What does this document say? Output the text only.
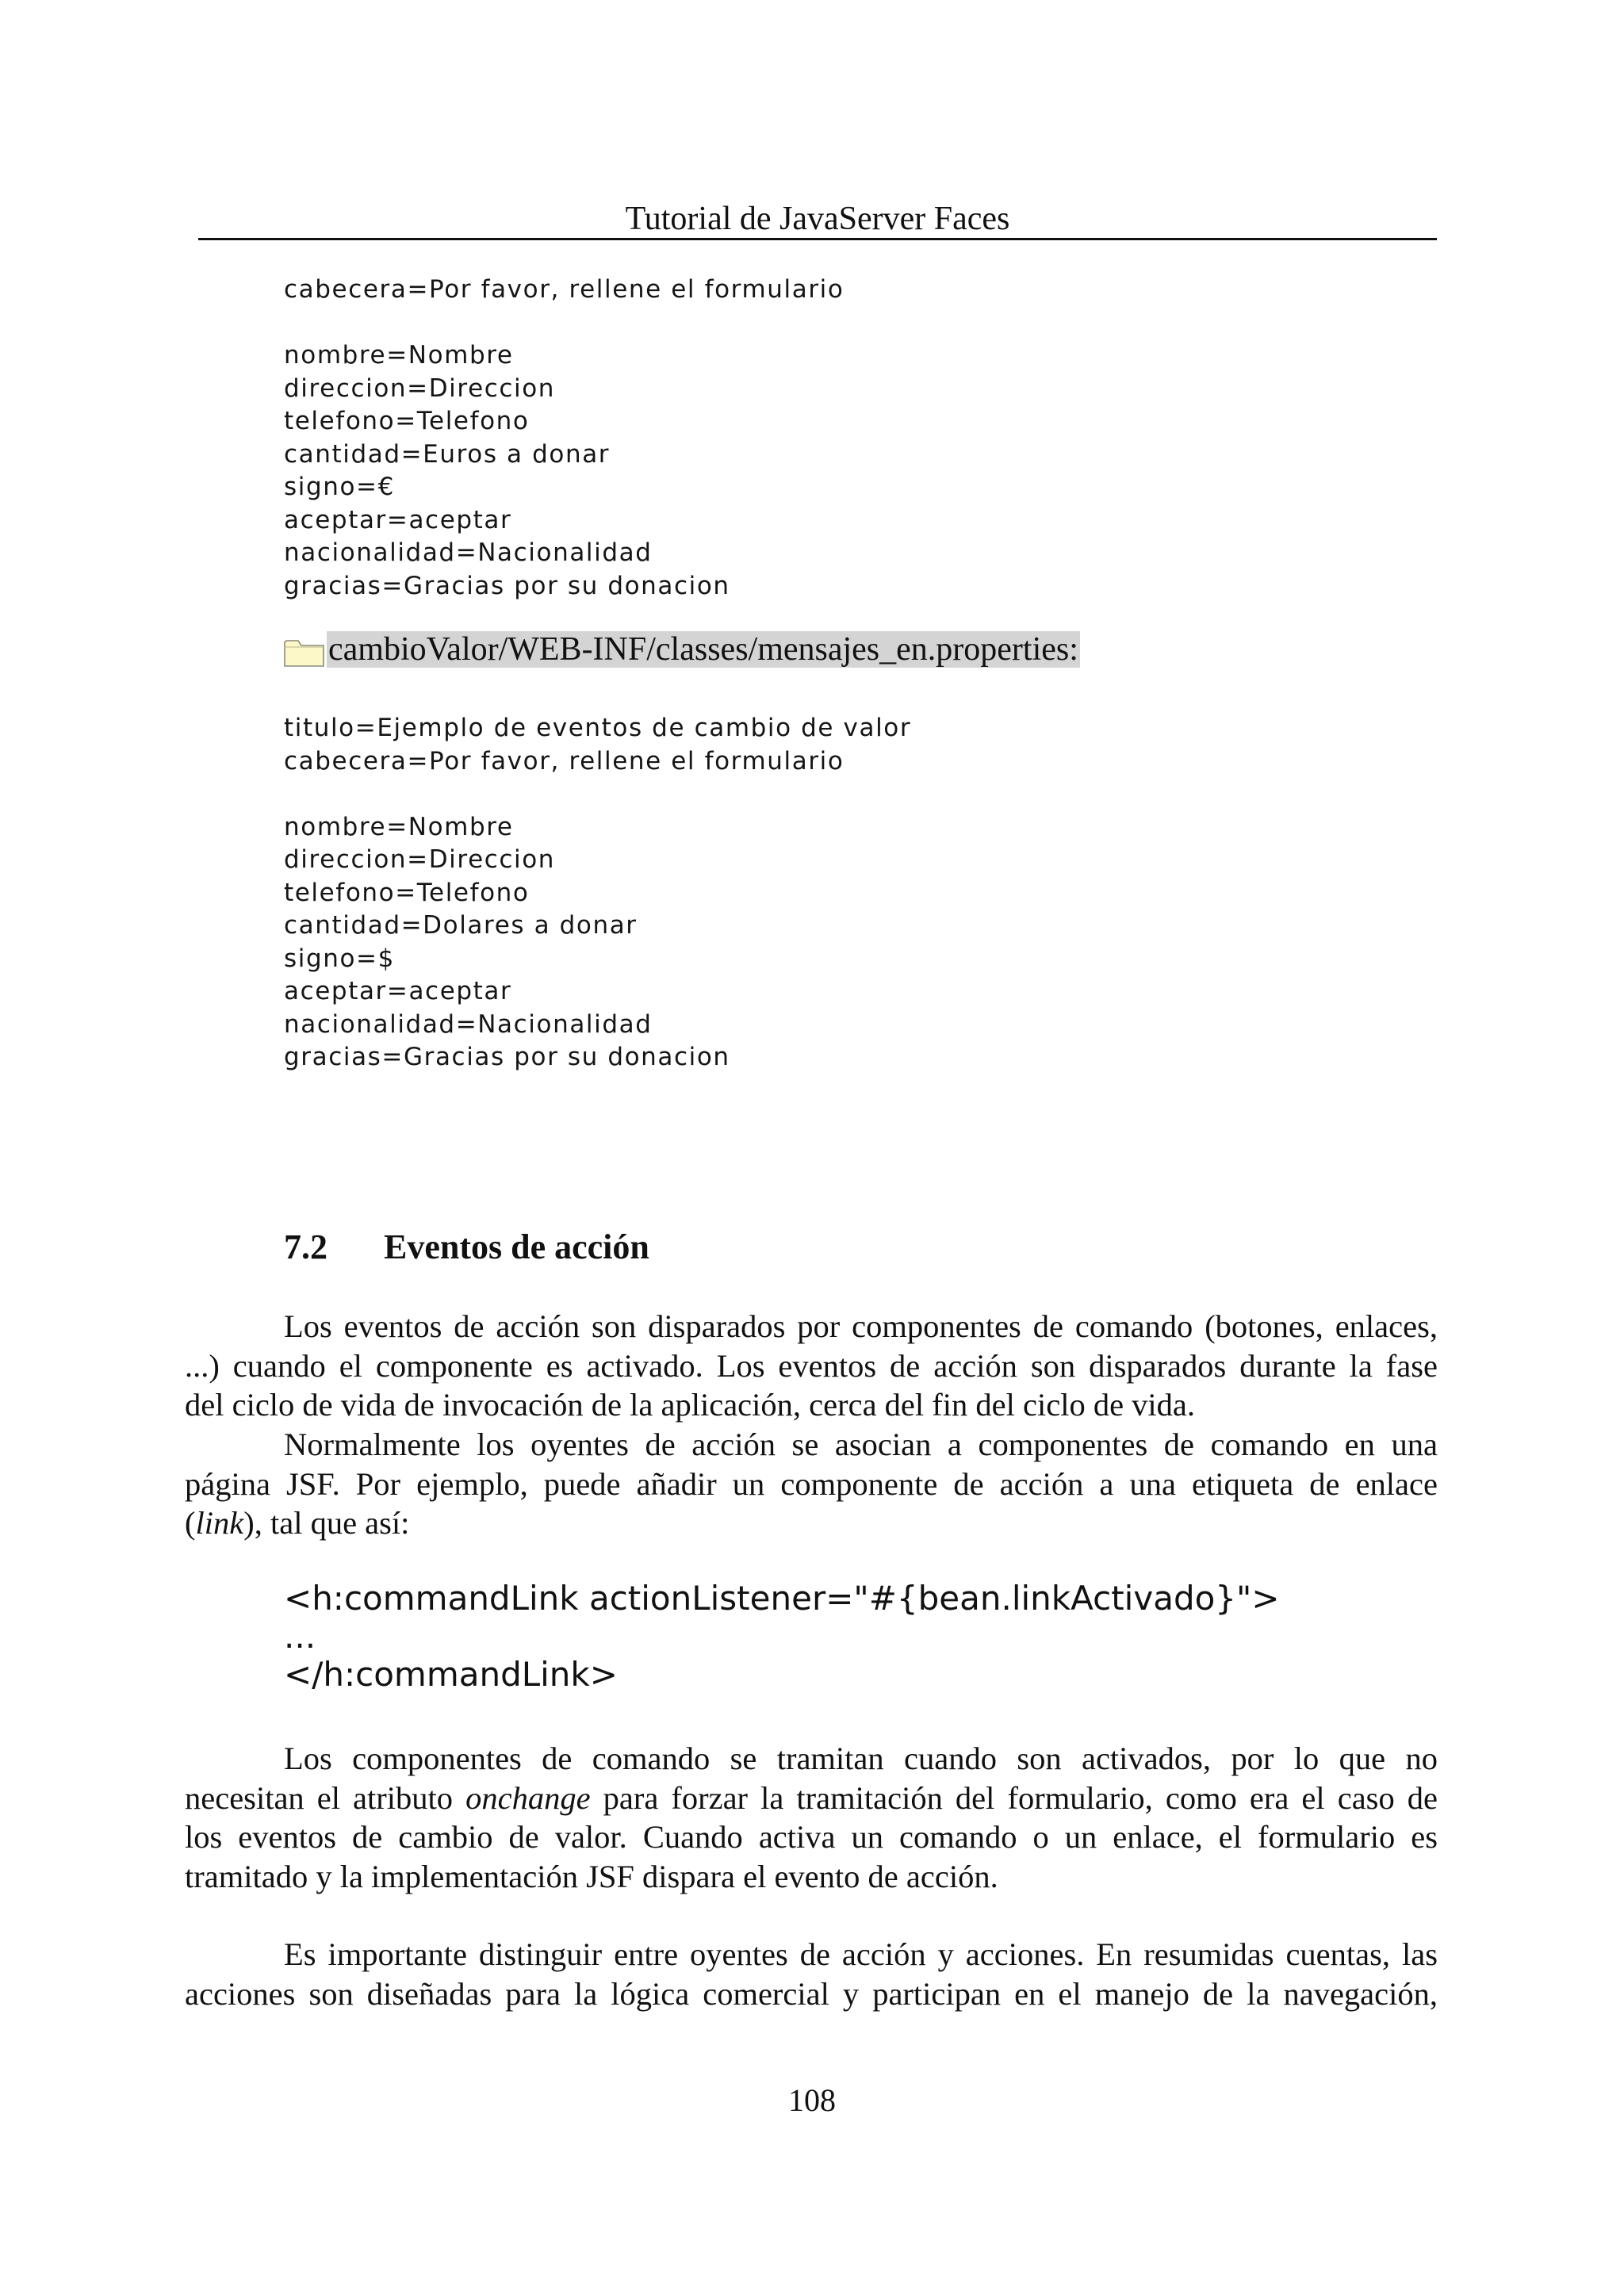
Tutorial de JavaServer Faces
cabecera=Por favor, rellene el formulario
nombre=Nombre
direccion=Direccion
telefono=Telefono
cantidad=Euros a donar
signo=€
aceptar=aceptar
nacionalidad=Nacionalidad
gracias=Gracias por su donacion
cambioValor/WEB-INF/classes/mensajes_en.properties:
titulo=Ejemplo de eventos de cambio de valor
cabecera=Por favor, rellene el formulario
nombre=Nombre
direccion=Direccion
telefono=Telefono
cantidad=Dolares a donar
signo=$
aceptar=aceptar
nacionalidad=Nacionalidad
gracias=Gracias por su donacion
7.2	Eventos de acción
Los eventos de acción son disparados por componentes de comando (botones, enlaces,
...) cuando el componente es activado. Los eventos de acción son disparados durante la fase
del ciclo de vida de invocación de la aplicación, cerca del fin del ciclo de vida.
Normalmente los oyentes de acción se asocian a componentes de comando en una
página JSF. Por ejemplo, puede añadir un componente de acción a una etiqueta de enlace
(link), tal que así:
<h:commandLink actionListener="#{bean.linkActivado}">
...
</h:commandLink>
Los componentes de comando se tramitan cuando son activados, por lo que no
necesitan el atributo onchange para forzar la tramitación del formulario, como era el caso de
los eventos de cambio de valor. Cuando activa un comando o un enlace, el formulario es
tramitado y la implementación JSF dispara el evento de acción.
Es importante distinguir entre oyentes de acción y acciones. En resumidas cuentas, las
acciones son diseñadas para la lógica comercial y participan en el manejo de la navegación,
108
